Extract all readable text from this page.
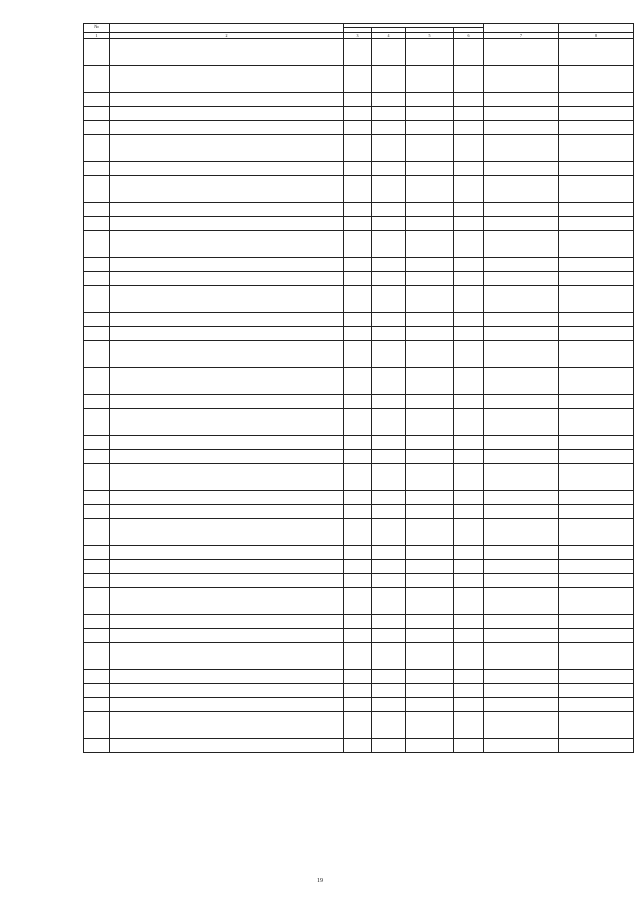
№							

1	2	3	4	5	6	7	8

19
